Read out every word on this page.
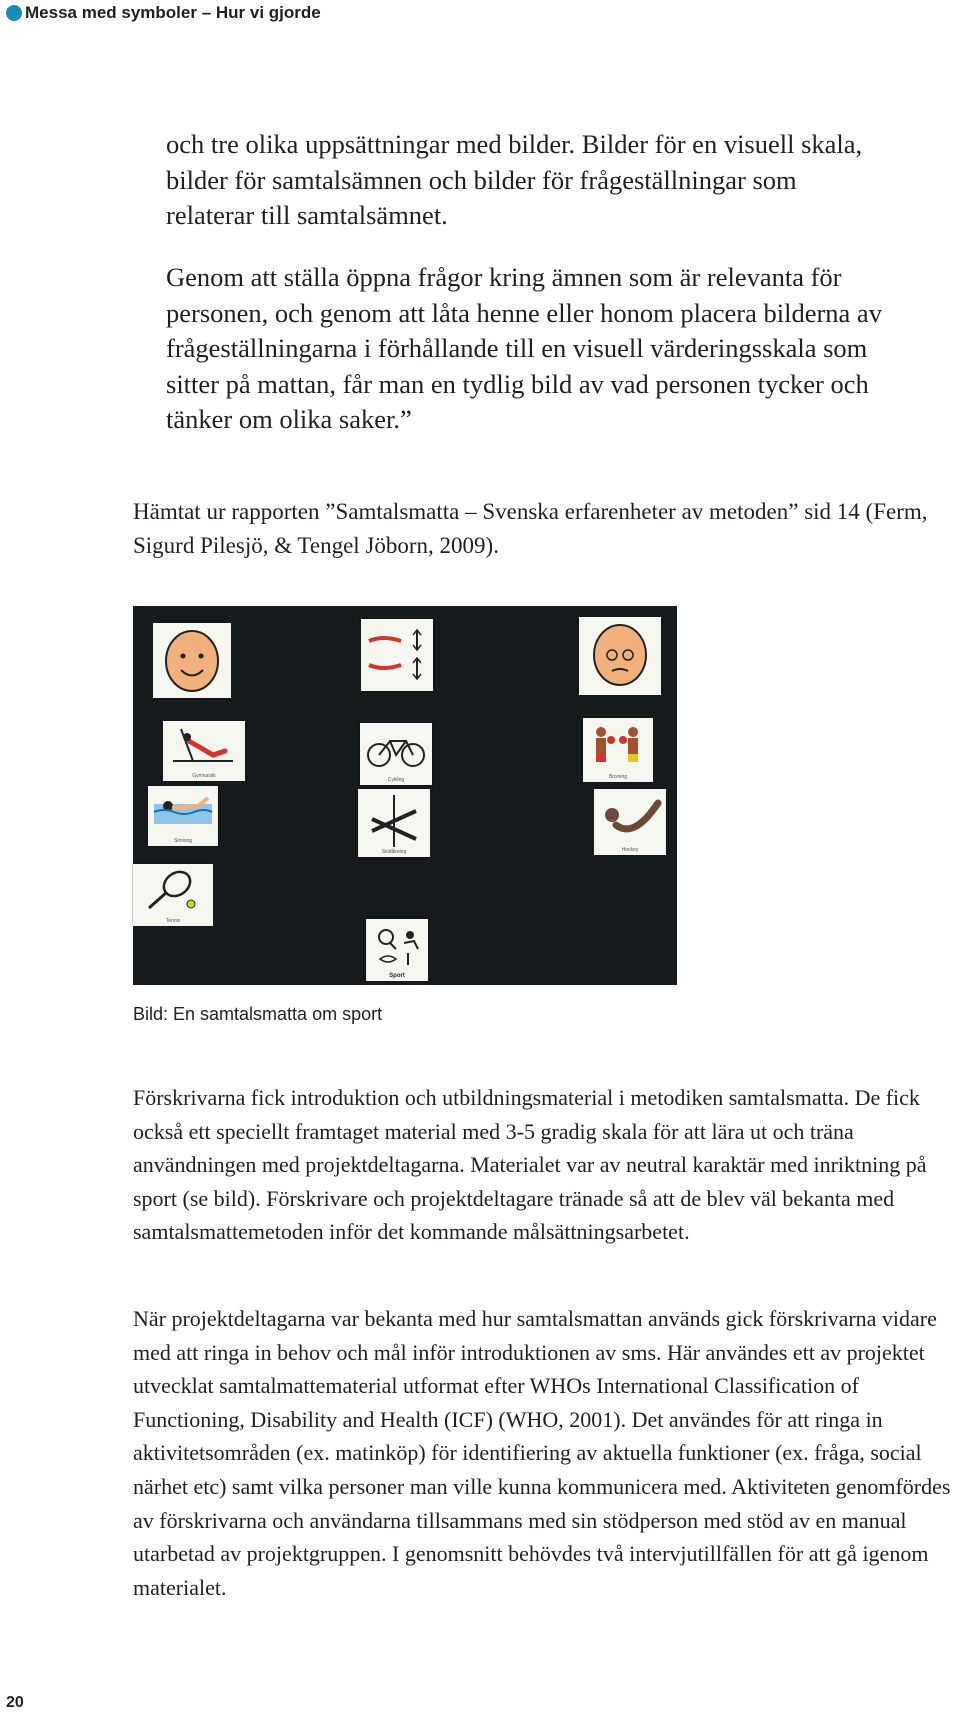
Messa med symboler – Hur vi gjorde
och tre olika uppsättningar med bilder. Bilder för en visuell skala, bilder för samtalsämnen och bilder för frågeställningar som relaterar till samtalsämnet.
Genom att ställa öppna frågor kring ämnen som är relevanta för personen, och genom att låta henne eller honom placera bilderna av frågeställningarna i förhållande till en visuell värderingsskala som sitter på mattan, får man en tydlig bild av vad personen tycker och tänker om olika saker.”
Hämtat ur rapporten ”Samtalsmatta – Svenska erfarenheter av metoden” sid 14 (Ferm, Sigurd Pilesjö, & Tengel Jöborn, 2009).
Gymnastik
Cykling	Boxning
Simning
Skidåkning	Hockey
Tennis
Sport
Bild: En samtalsmatta om sport
Förskrivarna fick introduktion och utbildningsmaterial i metodiken samtalsmatta. De fick också ett speciellt framtaget material med 3-5 gradig skala för att lära ut och träna användningen med projektdeltagarna. Materialet var av neutral karaktär med inriktning på sport (se bild). Förskrivare och projektdeltagare tränade så att de blev väl bekanta med samtalsmattemetoden inför det kommande målsättningsarbetet.
När projektdeltagarna var bekanta med hur samtalsmattan används gick förskrivarna vidare med att ringa in behov och mål inför introduktionen av sms. Här användes ett av projektet utvecklat samtalmattematerial utformat efter WHOs International Classification of Functioning, Disability and Health (ICF) (WHO, 2001). Det användes för att ringa in aktivitetsområden (ex. matinköp) för identifiering av aktuella funktioner (ex. fråga, social närhet etc) samt vilka personer man ville kunna kommunicera med. Aktiviteten genomfördes av förskrivarna och användarna tillsammans med sin stödperson med stöd av en manual utarbetad av projektgruppen. I genomsnitt behövdes två intervjutillfällen för att gå igenom materialet.
20
